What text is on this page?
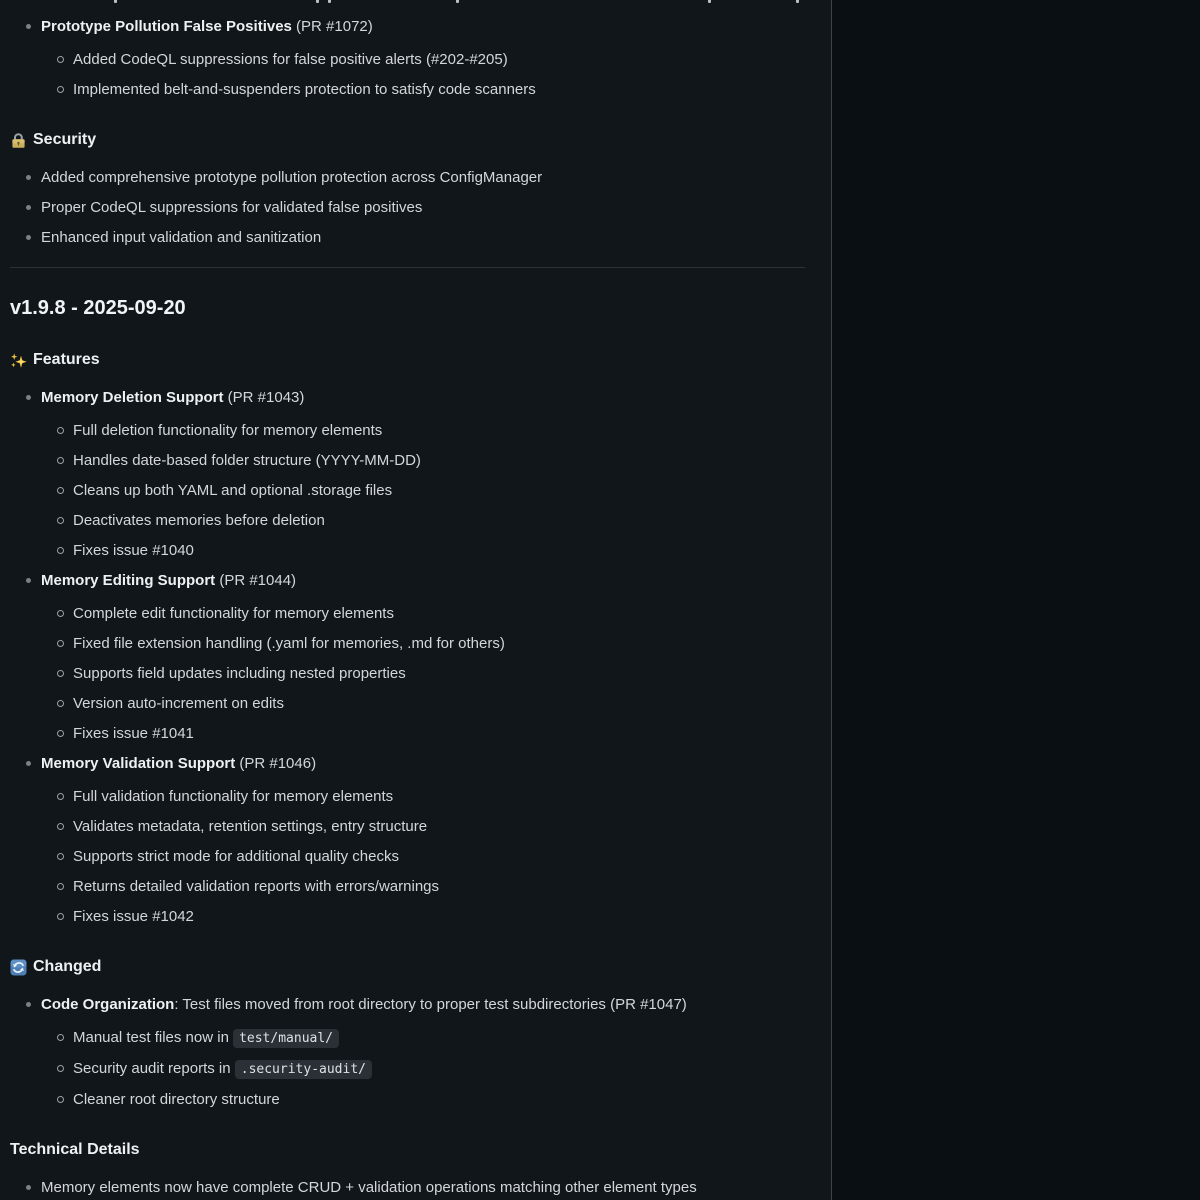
Prototype Pollution False Positives (PR #1072)
Added CodeQL suppressions for false positive alerts (#202-#205)
Implemented belt-and-suspenders protection to satisfy code scanners
Security
Added comprehensive prototype pollution protection across ConfigManager
Proper CodeQL suppressions for validated false positives
Enhanced input validation and sanitization
v1.9.8 - 2025-09-20
Features
Memory Deletion Support (PR #1043)
Full deletion functionality for memory elements
Handles date-based folder structure (YYYY-MM-DD)
Cleans up both YAML and optional .storage files
Deactivates memories before deletion
Fixes issue #1040
Memory Editing Support (PR #1044)
Complete edit functionality for memory elements
Fixed file extension handling (.yaml for memories, .md for others)
Supports field updates including nested properties
Version auto-increment on edits
Fixes issue #1041
Memory Validation Support (PR #1046)
Full validation functionality for memory elements
Validates metadata, retention settings, entry structure
Supports strict mode for additional quality checks
Returns detailed validation reports with errors/warnings
Fixes issue #1042
Changed
Code Organization: Test files moved from root directory to proper test subdirectories (PR #1047)
Manual test files now in test/manual/
Security audit reports in .security-audit/
Cleaner root directory structure
Technical Details
Memory elements now have complete CRUD + validation operations matching other element types
